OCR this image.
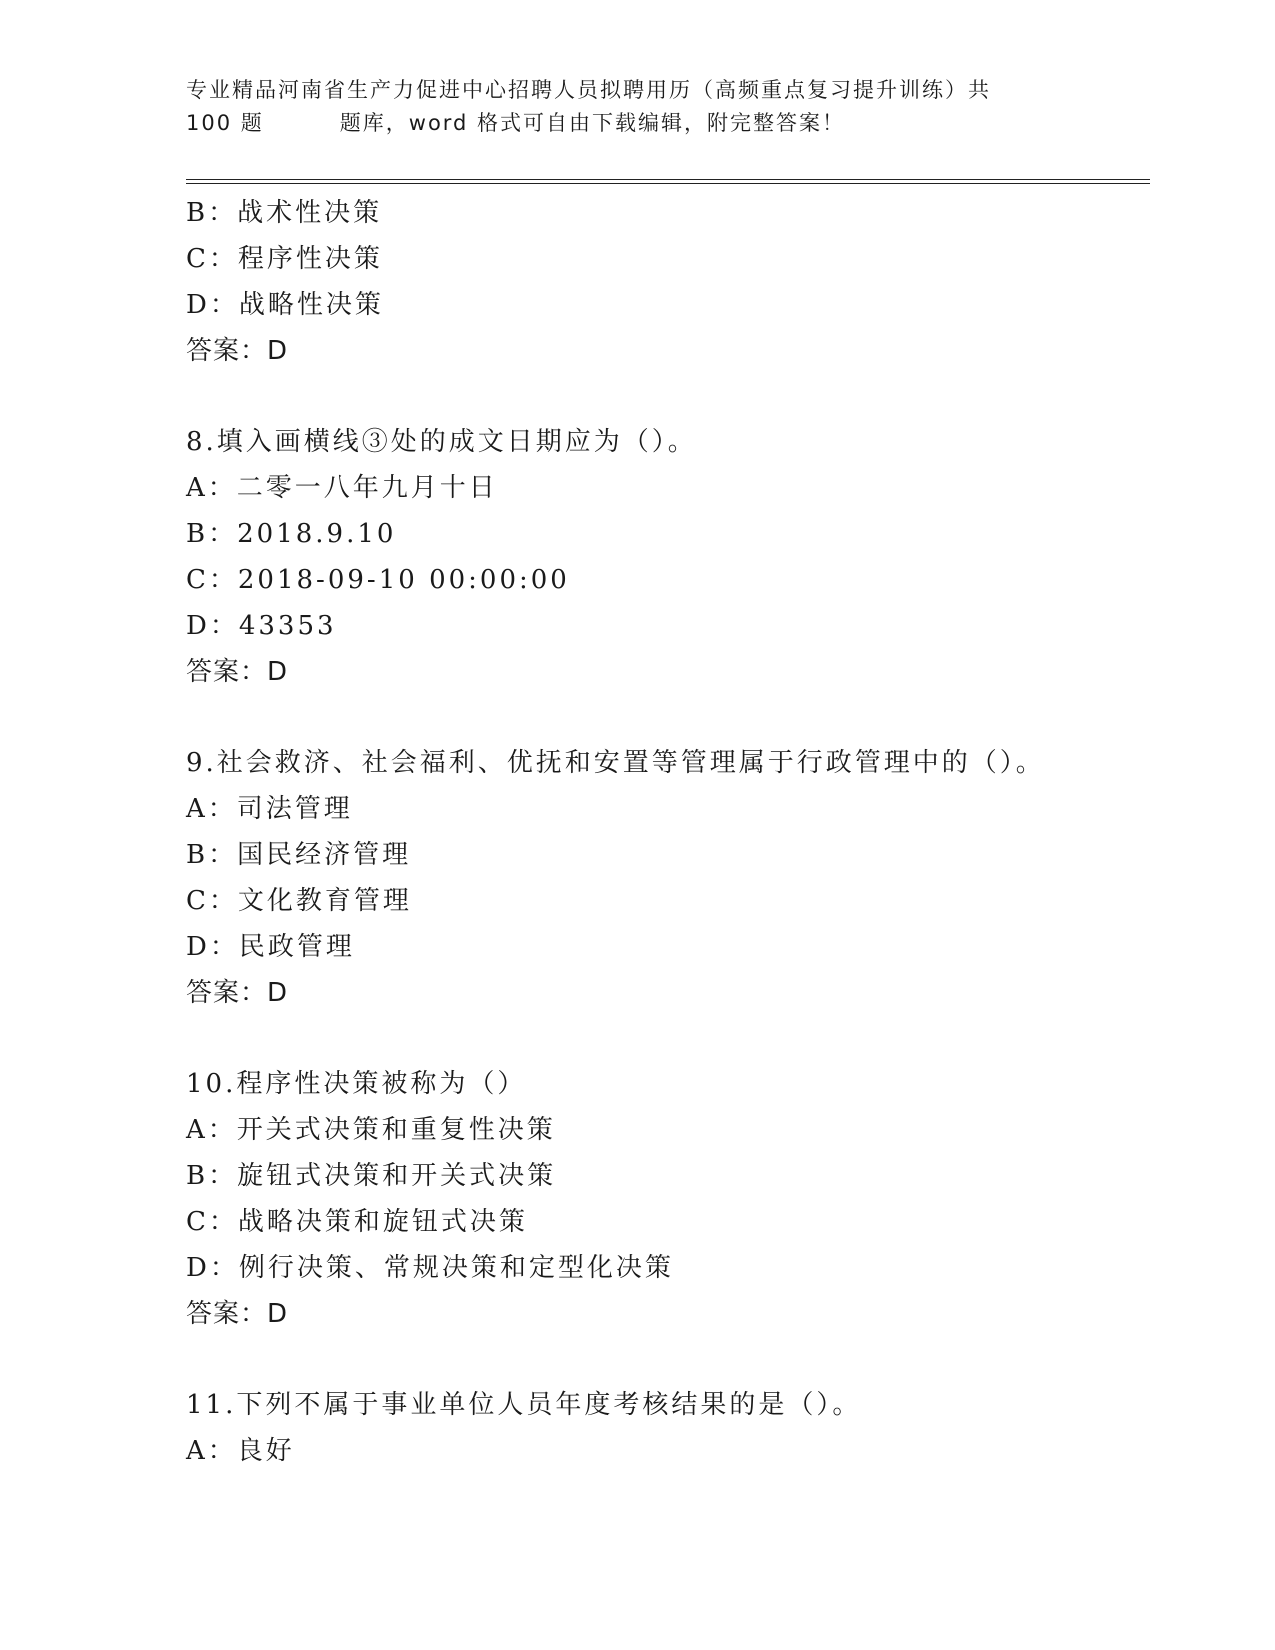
专业精品河南省生产力促进中心招聘人员拟聘用历（高频重点复习提升训练）共
100 题	题库，word 格式可自由下载编辑，附完整答案！
B：战术性决策
C：程序性决策
D：战略性决策
答案：D
8.填入画横线③处的成文日期应为（）。
A：二零一八年九月十日
B：2018.9.10
C：2018-09-10 00:00:00
D：43353
答案：D
9.社会救济、社会福利、优抚和安置等管理属于行政管理中的（）。
A：司法管理
B：国民经济管理
C：文化教育管理
D：民政管理
答案：D
10.程序性决策被称为（）
A：开关式决策和重复性决策
B：旋钮式决策和开关式决策
C：战略决策和旋钮式决策
D：例行决策、常规决策和定型化决策
答案：D
11.下列不属于事业单位人员年度考核结果的是（）。
A：良好
